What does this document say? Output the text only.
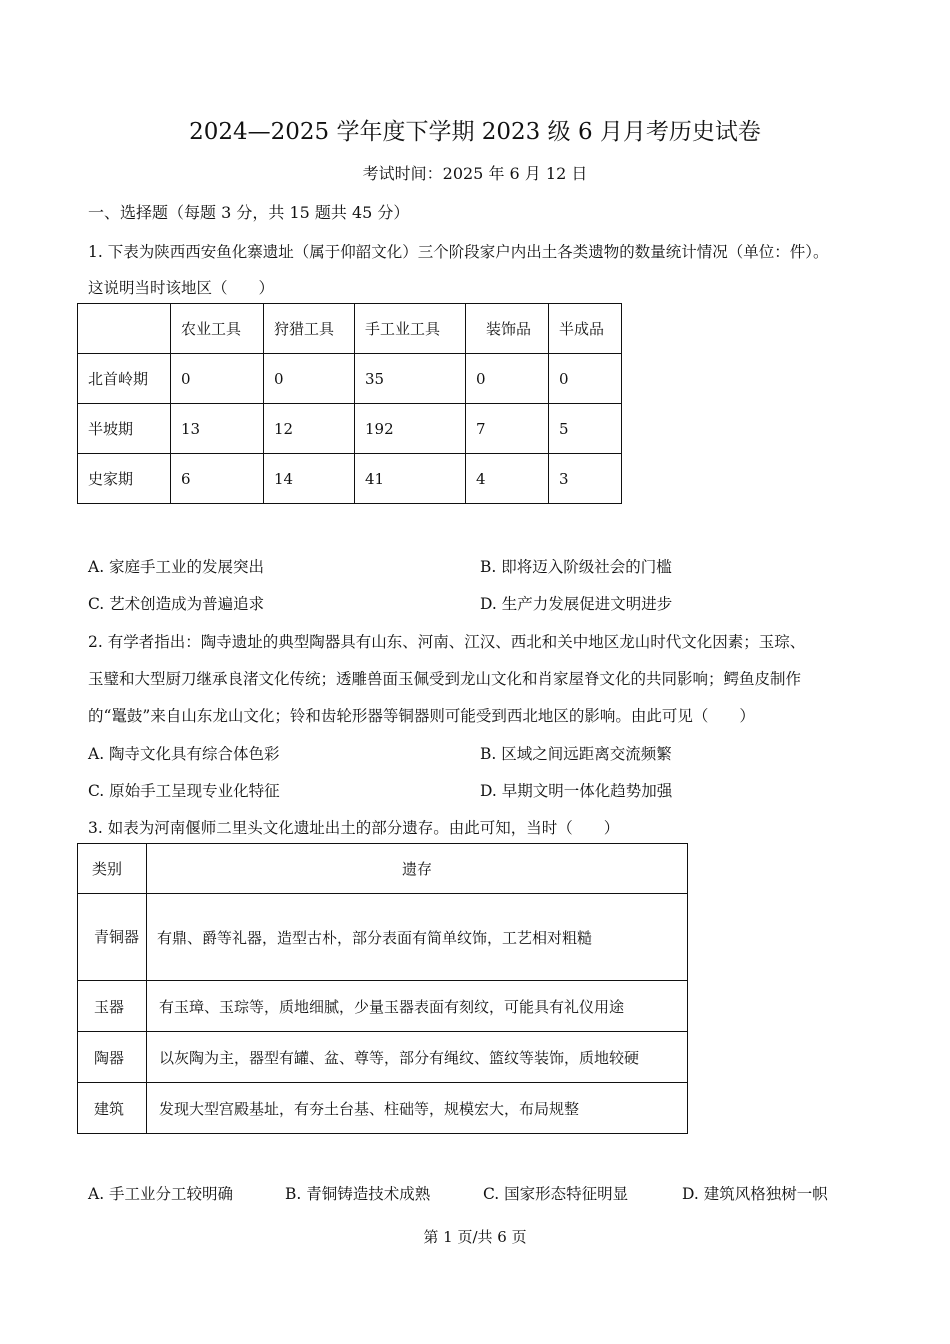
2024—2025 学年度下学期 2023 级 6 月月考历史试卷
考试时间：2025 年 6 月 12 日
一、选择题（每题 3 分，共 15 题共 45 分）
1. 下表为陕西西安鱼化寨遗址（属于仰韶文化）三个阶段家户内出土各类遗物的数量统计情况（单位：件）。
这说明当时该地区（　　）
	农业工具	狩猎工具	手工业工具	装饰品	半成品
北首岭期	0	0	35	0	0
半坡期	13	12	192	7	5
史家期	6	14	41	4	3
A. 家庭手工业的发展突出	B. 即将迈入阶级社会的门槛
C. 艺术创造成为普遍追求	D. 生产力发展促进文明进步
2. 有学者指出：陶寺遗址的典型陶器具有山东、河南、江汉、西北和关中地区龙山时代文化因素；玉琮、
玉璧和大型厨刀继承良渚文化传统；透雕兽面玉佩受到龙山文化和肖家屋脊文化的共同影响；鳄鱼皮制作
的“鼍鼓”来自山东龙山文化；铃和齿轮形器等铜器则可能受到西北地区的影响。由此可见（　　）
A. 陶寺文化具有综合体色彩	B. 区域之间远距离交流频繁
C. 原始手工呈现专业化特征	D. 早期文明一体化趋势加强
3. 如表为河南偃师二里头文化遗址出土的部分遗存。由此可知，当时（　　）
类别	遗存
青铜器	有鼎、爵等礼器，造型古朴，部分表面有简单纹饰，工艺相对粗糙
玉器	有玉璋、玉琮等，质地细腻，少量玉器表面有刻纹，可能具有礼仪用途
陶器	以灰陶为主，器型有罐、盆、尊等，部分有绳纹、篮纹等装饰，质地较硬
建筑	发现大型宫殿基址，有夯土台基、柱础等，规模宏大，布局规整
A. 手工业分工较明确	B. 青铜铸造技术成熟	C. 国家形态特征明显	D. 建筑风格独树一帜
第 1 页/共 6 页
